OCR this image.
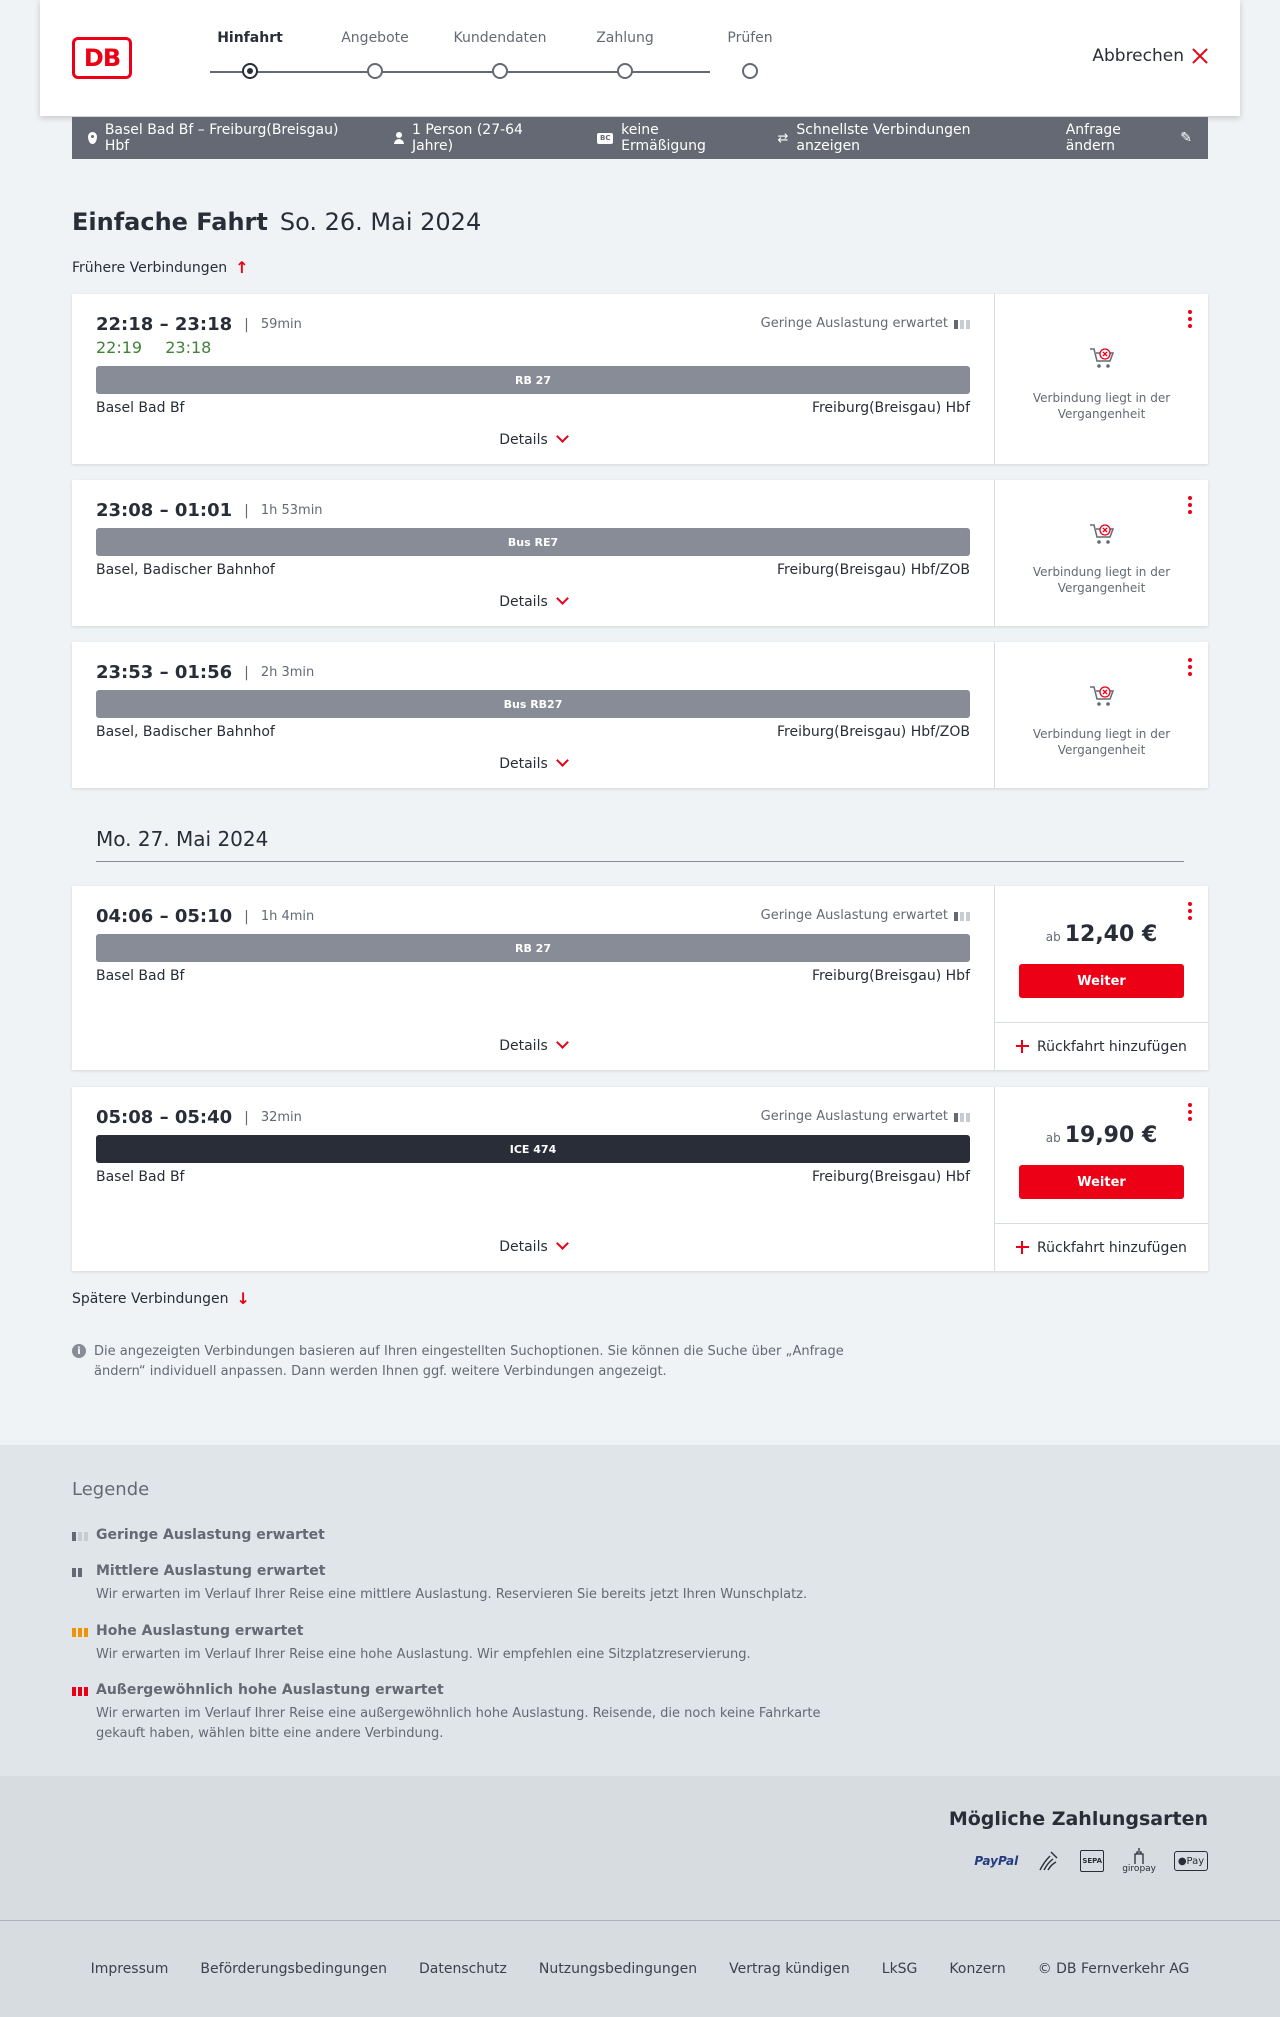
DB
Hinfahrt	Angebote	Kundendaten	Zahlung	Prüfen
Abbrechen
Basel Bad Bf – Freiburg(Breisgau) Hbf
1 Person (27-64 Jahre)	BC keine Ermäßigung	⇄ Schnellste Verbindungen anzeigen
Anfrage ändern	✎
Einfache Fahrt So. 26. Mai 2024
Frühere Verbindungen ↑
22:18 – 23:18 | 59min
22:19 23:18
Geringe Auslastung erwartet
RB 27
Basel Bad Bf	Freiburg(Breisgau) Hbf
Details
Verbindung liegt in der Vergangenheit
23:08 – 01:01 | 1h 53min
Bus RE7
Basel, Badischer Bahnhof	Freiburg(Breisgau) Hbf/ZOB
Details
Verbindung liegt in der Vergangenheit
23:53 – 01:56 | 2h 3min
Bus RB27
Basel, Badischer Bahnhof	Freiburg(Breisgau) Hbf/ZOB
Details
Verbindung liegt in der Vergangenheit
Mo. 27. Mai 2024
04:06 – 05:10 | 1h 4min	Geringe Auslastung erwartet
RB 27
Basel Bad Bf	Freiburg(Breisgau) Hbf
Details
ab 12,40 €
Weiter
Rückfahrt hinzufügen
05:08 – 05:40 | 32min	Geringe Auslastung erwartet
ICE 474
Basel Bad Bf	Freiburg(Breisgau) Hbf
Details
ab 19,90 €
Weiter
Rückfahrt hinzufügen
Spätere Verbindungen ↓
i	Die angezeigten Verbindungen basieren auf Ihren eingestellten Suchoptionen. Sie können die Suche über „Anfrage ändern“ individuell anpassen. Dann werden Ihnen ggf. weitere Verbindungen angezeigt.
Legende
Geringe Auslastung erwartet
Mittlere Auslastung erwartet
Wir erwarten im Verlauf Ihrer Reise eine mittlere Auslastung. Reservieren Sie bereits jetzt Ihren Wunschplatz.
Hohe Auslastung erwartet
Wir erwarten im Verlauf Ihrer Reise eine hohe Auslastung. Wir empfehlen eine Sitzplatzreservierung.
Außergewöhnlich hohe Auslastung erwartet
Wir erwarten im Verlauf Ihrer Reise eine außergewöhnlich hohe Auslastung. Reisende, die noch keine Fahrkarte gekauft haben, wählen bitte eine andere Verbindung.
Mögliche Zahlungsarten
PayPal	SEPA
giropay
● Pay
Impressum Beförderungsbedingungen Datenschutz Nutzungsbedingungen Vertrag kündigen LkSG Konzern © DB Fernverkehr AG
